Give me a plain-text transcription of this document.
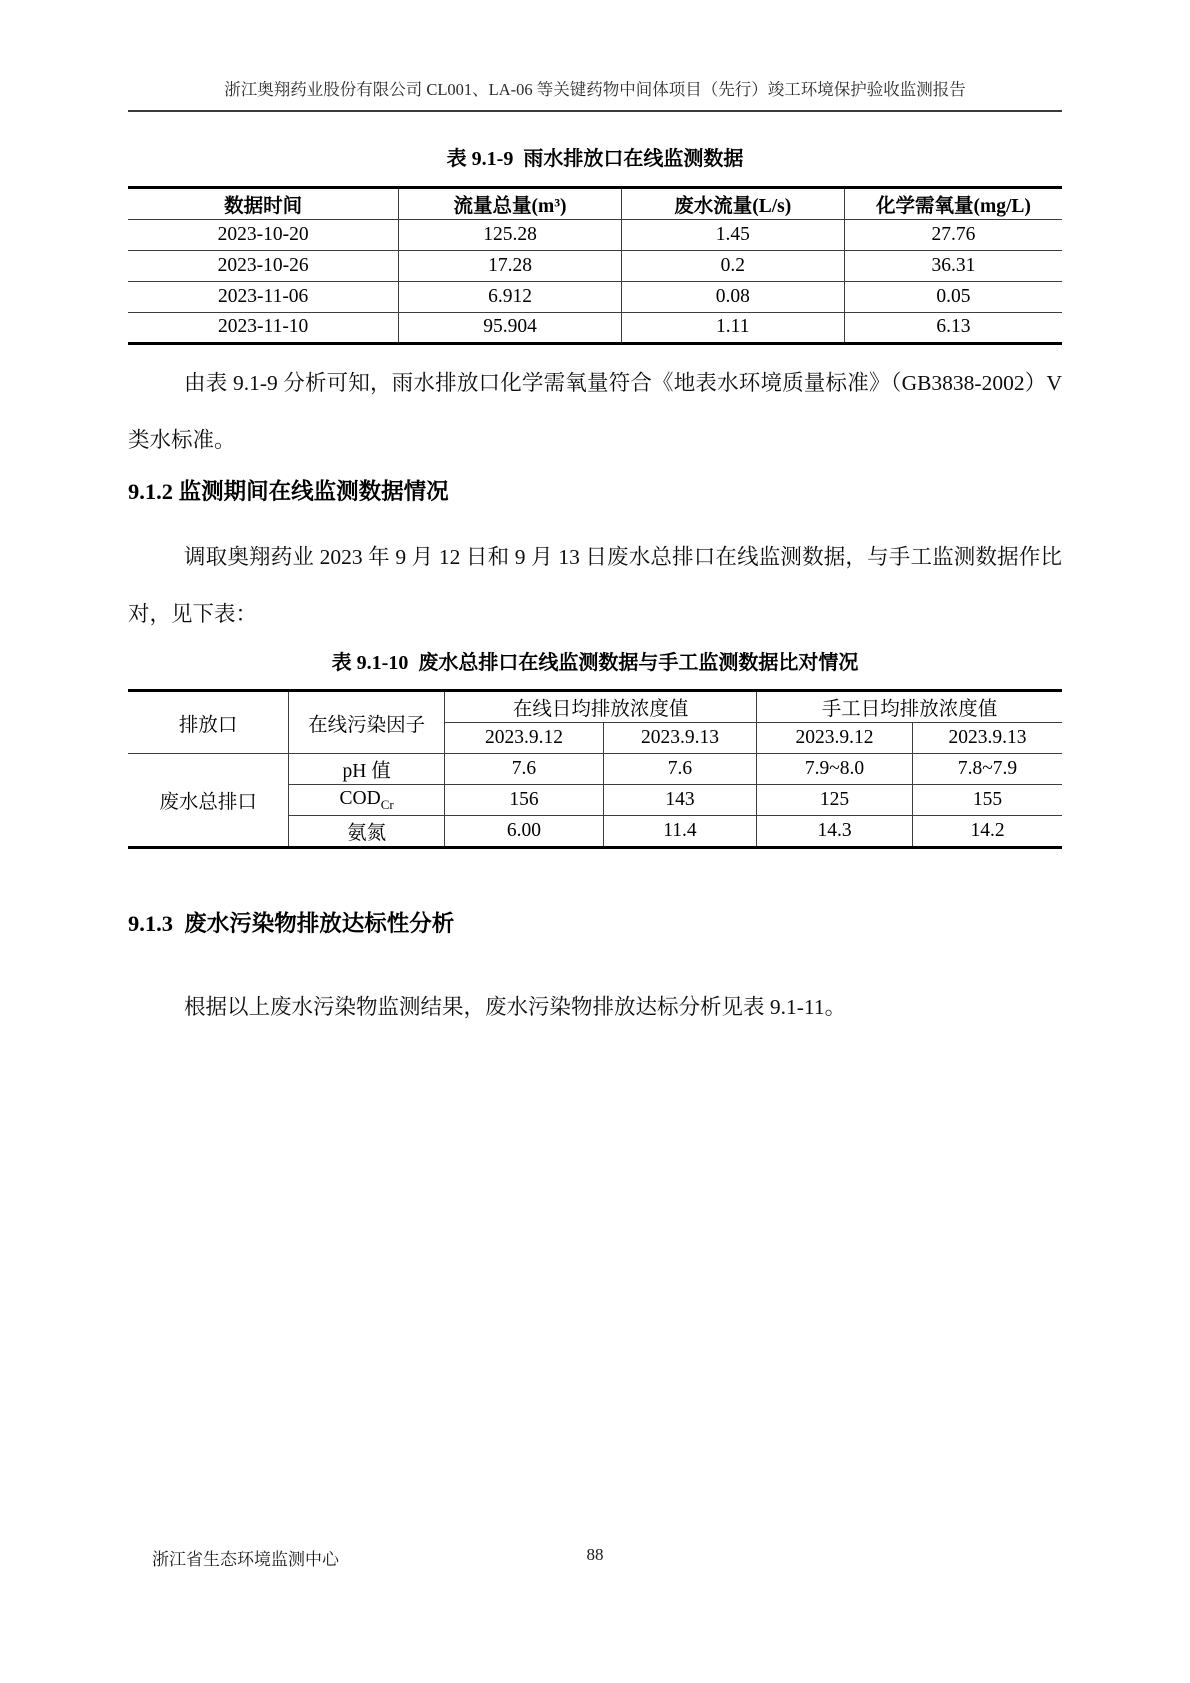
浙江奥翔药业股份有限公司 CL001、LA-06 等关键药物中间体项目（先行）竣工环境保护验收监测报告
表 9.1-9  雨水排放口在线监测数据
数据时间	流量总量(m³)	废水流量(L/s)	化学需氧量(mg/L)
2023-10-20	125.28	1.45	27.76
2023-10-26	17.28	0.2	36.31
2023-11-06	6.912	0.08	0.05
2023-11-10	95.904	1.11	6.13

由表 9.1-9 分析可知，雨水排放口化学需氧量符合《地表水环境质量标准》（GB3838-2002）V 类水标准。

9.1.2 监测期间在线监测数据情况

调取奥翔药业 2023 年 9 月 12 日和 9 月 13 日废水总排口在线监测数据，与手工监测数据作比对，见下表：

表 9.1-10  废水总排口在线监测数据与手工监测数据比对情况
排放口	在线污染因子	在线日均排放浓度值		手工日均排放浓度值	
		2023.9.12	2023.9.13	2023.9.12	2023.9.13
废水总排口	pH 值	7.6	7.6	7.9~8.0	7.8~7.9
	$COD_{Cr}$	156	143	125	155
	氨氮	6.00	11.4	14.3	14.2
9.1.3  废水污染物排放达标性分析

根据以上废水污染物监测结果，废水污染物排放达标分析见表 9.1-11。

88
浙江省生态环境监测中心
